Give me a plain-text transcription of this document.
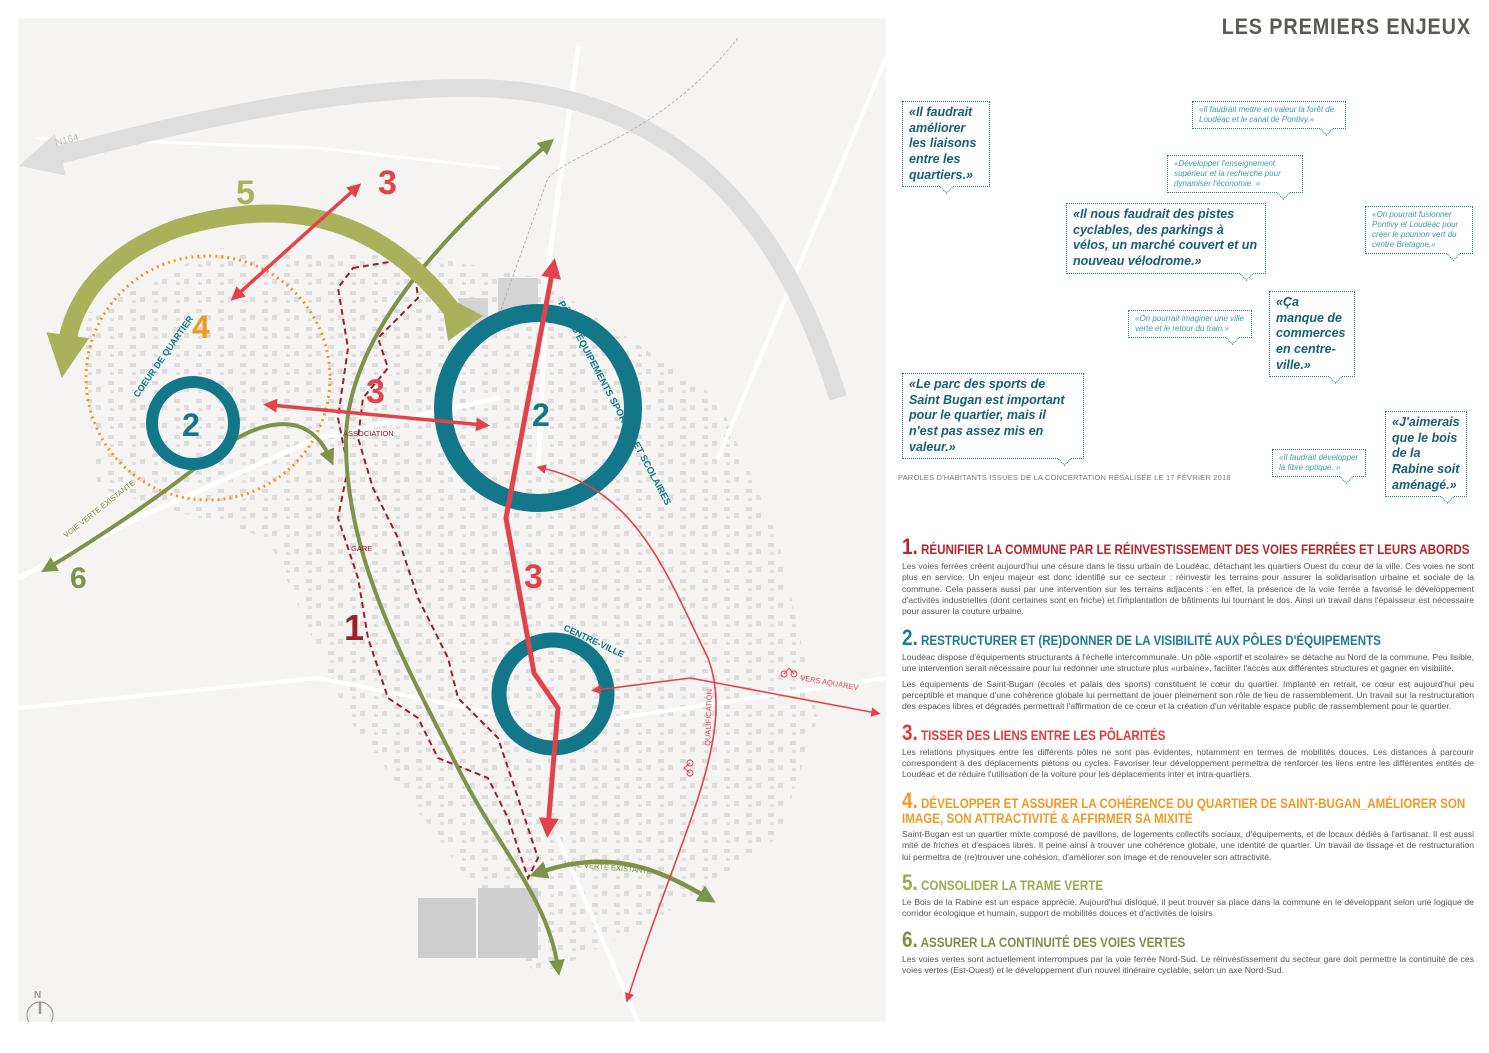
N164
5	3
4
3
2	2
3
1
6
COEUR DE QUARTIER	PÔLE D'ÉQUIPEMENTS SPORTIFS ET SCOLAIRES
CENTRE-VILLE
ASSOCIATION
GARE
VOIE VERTE EXISTANTE
VOIE VERTE EXISTANTE
QUALIFICATION
VERS AQUAREV
N
LES PREMIERS ENJEUX
«Il faudrait améliorer les liaisons entre les quartiers.»
«Il faudrait mettre en valeur la forêt de Loudéac et le canal de Pontivy.»
«Développer l'enseignement supérieur et la recherche pour dynamiser l'économie. »
«Il nous faudrait des pistes cyclables, des parkings à vélos, un marché couvert et un nouveau vélodrome.»
«On pourrait fusionner Pontivy et Loudéac pour créer le poumon vert du centre Bretagne.»
«On pourrait imaginer une ville verte et le retour du train.»
«Ça manque de commerces en centre-ville.»
«Le parc des sports de Saint Bugan est important pour le quartier, mais il n'est pas assez mis en valeur.»
«Il faudrait développer la fibre optique. »
«J'aimerais que le bois de la Rabine soit aménagé.»
PAROLES D'HABITANTS ISSUES DE LA CONCERTATION RÉSALISÉE LE 17 FÉVRIER 2018
1. RÉUNIFIER LA COMMUNE PAR LE RÉINVESTISSEMENT DES VOIES FERRÉES ET LEURS ABORDS

Les voies ferrées créent aujourd'hui une césure dans le tissu urbain de Loudéac, détachant les quartiers Ouest du cœur de la ville. Ces voies ne sont plus en service. Un enjeu majeur est donc identifié sur ce secteur : réinvestir les terrains pour assurer la solidarisation urbaine et sociale de la commune. Cela passera aussi par une intervention sur les terrains adjacents : en effet, la présence de la voie ferrée a favorisé le développement d'activités industrielles (dont certaines sont en friche) et l'implantation de bâtiments lui tournant le dos. Ainsi un travail dans l'épaisseur est nécessaire pour assurer la couture urbaine.

2. RESTRUCTURER ET (RE)DONNER DE LA VISIBILITÉ AUX PÔLES D'ÉQUIPEMENTS

Loudéac dispose d'équipements structurants à l'échelle intercommunale. Un pôle «sportif et scolaire» se détache au Nord de la commune. Peu lisible, une intervention serait nécessaire pour lui redonner une structure plus «urbaine», faciliter l'accès aux différentes structures et gagner en visibilité.

Les équipements de Saint-Bugan (écoles et palais des sports) constituent le cœur du quartier. Implanté en retrait, ce cœur est aujourd'hui peu perceptible et manque d'une cohérence globale lui permettant de jouer pleinement son rôle de lieu de rassemblement. Un travail sur la restructuration des espaces libres et dégradés permettrait l'affirmation de ce cœur et la création d'un véritable espace public de rassemblement pour le quartier.

3. TISSER DES LIENS ENTRE LES PÔLARITÉS

Les relations physiques entre les différents pôles ne sont pas évidentes, notamment en termes de mobilités douces. Les distances à parcourir correspondent à des déplacements piétons ou cycles. Favoriser leur développement permettra de renforcer les liens entre les différentes entités de Loudéac et de réduire l'utilisation de la voiture pour les déplacements inter et intra-quartiers.

4. DÉVELOPPER ET ASSURER LA COHÉRENCE DU QUARTIER DE SAINT-BUGAN_AMÉLIORER SON IMAGE, SON ATTRACTIVITÉ & AFFIRMER SA MIXITÉ

Saint-Bugan est un quartier mixte composé de pavillons, de logements collectifs sociaux, d'équipements, et de locaux dédiés à l'artisanat. Il est aussi mité de friches et d'espaces libres. Il peine ainsi à trouver une cohérence globale, une identité de quartier. Un travail de tissage et de restructuration lui permettra de (re)trouver une cohésion, d'améliorer son image et de renouveler son attractivité.

5. CONSOLIDER LA TRAME VERTE

Le Bois de la Rabine est un espace apprécié. Aujourd'hui disloqué, il peut trouver sa place dans la commune en le développant selon une logique de corridor écologique et humain, support de mobilités douces et d'activités de loisirs.

6. ASSURER LA CONTINUITÉ DES VOIES VERTES

Les voies vertes sont actuellement interrompues par la voie ferrée Nord-Sud. Le réinvestissement du secteur gare doit permettre la continuité de ces voies vertes (Est-Ouest) et le développement d'un nouvel itinéraire cyclable, selon un axe Nord-Sud.
